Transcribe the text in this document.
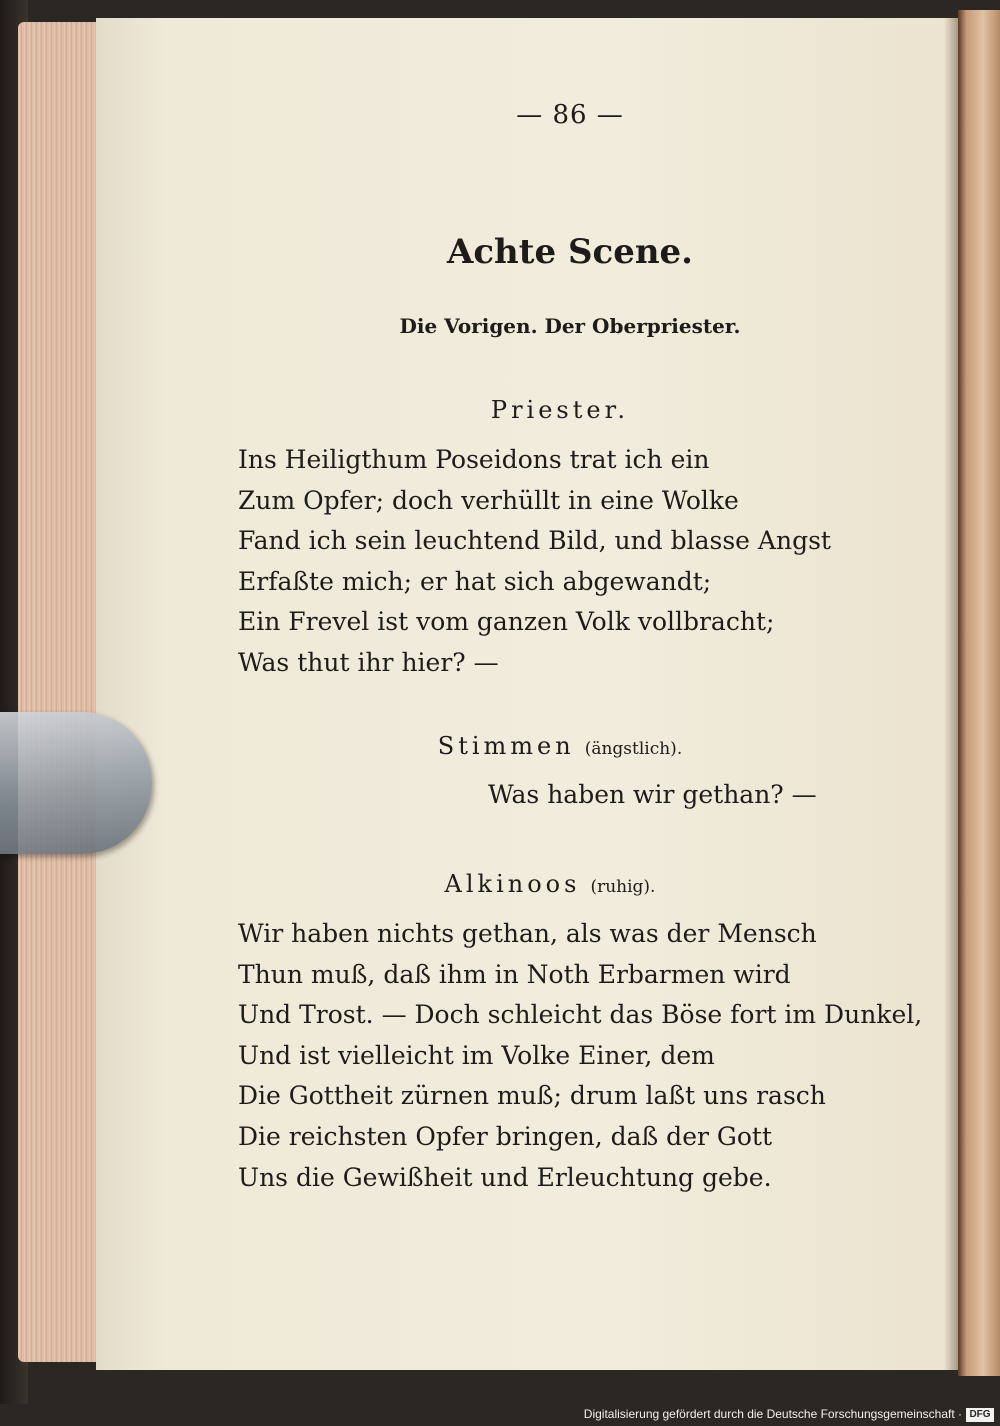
— 86 —
Achte Scene.
Die Vorigen. Der Oberpriester.
Priester.
Ins Heiligthum Poseidons trat ich ein
Zum Opfer; doch verhüllt in eine Wolke
Fand ich sein leuchtend Bild, und blasse Angst
Erfaßte mich; er hat sich abgewandt;
Ein Frevel ist vom ganzen Volk vollbracht;
Was thut ihr hier? —
Stimmen (ängstlich).
Was haben wir gethan? —
Alkinoos (ruhig).
Wir haben nichts gethan, als was der Mensch
Thun muß, daß ihm in Noth Erbarmen wird
Und Trost. — Doch schleicht das Böse fort im Dunkel,
Und ist vielleicht im Volke Einer, dem
Die Gottheit zürnen muß; drum laßt uns rasch
Die reichsten Opfer bringen, daß der Gott
Uns die Gewißheit und Erleuchtung gebe.
Digitalisierung gefördert durch die Deutsche Forschungsgemeinschaft · DFG
